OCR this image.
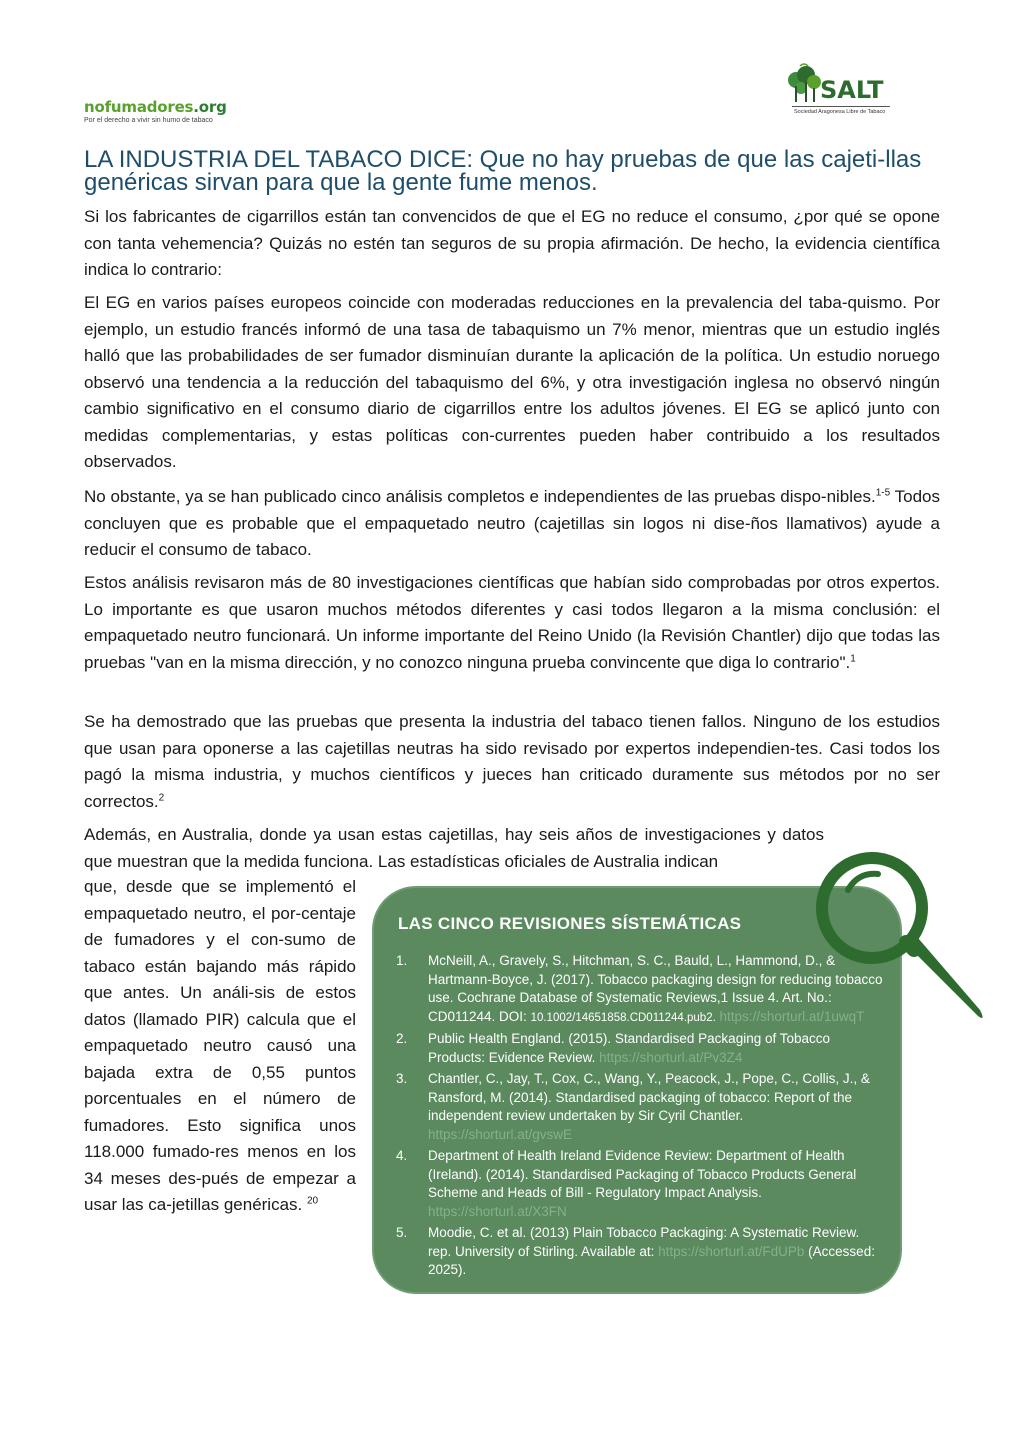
nofumadores.org
Por el derecho a vivir sin humo de tabaco
SALT
Sociedad Aragonesa Libre de Tabaco
LA INDUSTRIA DEL TABACO DICE: Que no hay pruebas de que las cajeti-llas genéricas sirvan para que la gente fume menos.

Si los fabricantes de cigarrillos están tan convencidos de que el EG no reduce el consumo, ¿por qué se opone con tanta vehemencia? Quizás no estén tan seguros de su propia afirmación. De hecho, la evidencia científica indica lo contrario:

El EG en varios países europeos coincide con moderadas reducciones en la prevalencia del taba-quismo. Por ejemplo, un estudio francés informó de una tasa de tabaquismo un 7% menor, mientras que un estudio inglés halló que las probabilidades de ser fumador disminuían durante la aplicación de la política. Un estudio noruego observó una tendencia a la reducción del tabaquismo del 6%, y otra investigación inglesa no observó ningún cambio significativo en el consumo diario de cigarrillos entre los adultos jóvenes. El EG se aplicó junto con medidas complementarias, y estas políticas con-currentes pueden haber contribuido a los resultados observados.

No obstante, ya se han publicado cinco análisis completos e independientes de las pruebas dispo-nibles.$^{1-5}$ Todos concluyen que es probable que el empaquetado neutro (cajetillas sin logos ni dise-ños llamativos) ayude a reducir el consumo de tabaco.

Estos análisis revisaron más de 80 investigaciones científicas que habían sido comprobadas por otros expertos. Lo importante es que usaron muchos métodos diferentes y casi todos llegaron a la misma conclusión: el empaquetado neutro funcionará. Un informe importante del Reino Unido (la Revisión Chantler) dijo que todas las pruebas "van en la misma dirección, y no conozco ninguna prueba convincente que diga lo contrario".$^1$

Se ha demostrado que las pruebas que presenta la industria del tabaco tienen fallos. Ninguno de los estudios que usan para oponerse a las cajetillas neutras ha sido revisado por expertos independien-tes. Casi todos los pagó la misma industria, y muchos científicos y jueces han criticado duramente sus métodos por no ser correctos.$^2$

Además, en Australia, donde ya usan estas cajetillas, hay seis años de investigaciones y datos que muestran que la medida funciona. Las estadísticas oficiales de Australia indican

que, desde que se implementó el empaquetado neutro, el por-centaje de fumadores y el con-sumo de tabaco están bajando más rápido que antes. Un análi-sis de estos datos (llamado PIR) calcula que el empaquetado neutro causó una bajada extra de 0,55 puntos porcentuales en el número de fumadores. Esto significa unos 118.000 fumado-res menos en los 34 meses des-pués de empezar a usar las ca-jetillas genéricas. $^{20}$

LAS CINCO REVISIONES SÍSTEMÁTICAS
1. McNeill, A., Gravely, S., Hitchman, S. C., Bauld, L., Hammond, D., & Hartmann-Boyce, J. (2017). Tobacco packaging design for reducing tobacco use. Cochrane Database of Systematic Reviews,1 Issue 4. Art. No.: CD011244. DOI: 10.1002/14651858.CD011244.pub2. https://shorturl.at/1uwqT
2. Public Health England. (2015). Standardised Packaging of Tobacco Products: Evidence Review. https://shorturl.at/Pv3Z4
3. Chantler, C., Jay, T., Cox, C., Wang, Y., Peacock, J., Pope, C., Collis, J., & Ransford, M. (2014). Standardised packaging of tobacco: Report of the independent review undertaken by Sir Cyril Chantler. https://shorturl.at/gvswE
4. Department of Health Ireland Evidence Review: Department of Health (Ireland). (2014). Standardised Packaging of Tobacco Products General Scheme and Heads of Bill - Regulatory Impact Analysis. https://shorturl.at/X3FN
5. Moodie, C. et al. (2013) Plain Tobacco Packaging: A Systematic Review. rep. University of Stirling. Available at: https://shorturl.at/FdUPb (Accessed: 2025).
